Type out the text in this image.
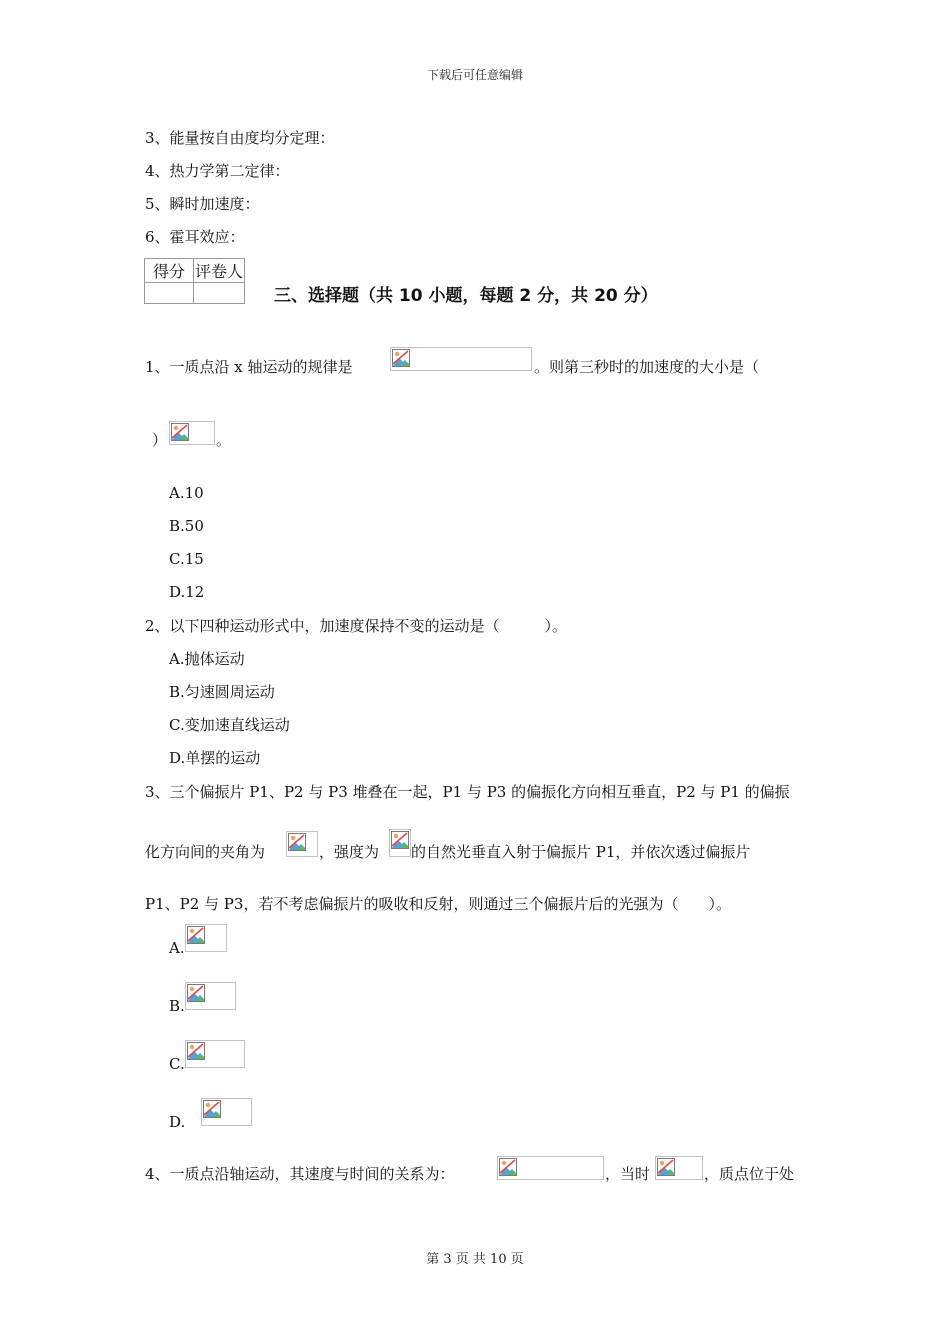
下载后可任意编辑
3、能量按自由度均分定理：
4、热力学第二定律：
5、瞬时加速度：
6、霍耳效应：
得分	评卷人

三、选择题（共 10 小题，每题 2 分，共 20 分）
1、一质点沿 x 轴运动的规律是	。则第三秒时的加速度的大小是（
）	。
A.10
B.50
C.15
D.12
2、以下四种运动形式中，加速度保持不变的运动是（　　　）。
A.抛体运动
B.匀速圆周运动
C.变加速直线运动
D.单摆的运动
3、三个偏振片 P1、P2 与 P3 堆叠在一起，P1 与 P3 的偏振化方向相互垂直，P2 与 P1 的偏振
化方向间的夹角为	，强度为 的自然光垂直入射于偏振片 P1，并依次透过偏振片
P1、P2 与 P3，若不考虑偏振片的吸收和反射，则通过三个偏振片后的光强为（　　）。
A.
B.
C.
D.
4、一质点沿轴运动，其速度与时间的关系为：	，当时	，质点位于处
第 3 页 共 10 页
